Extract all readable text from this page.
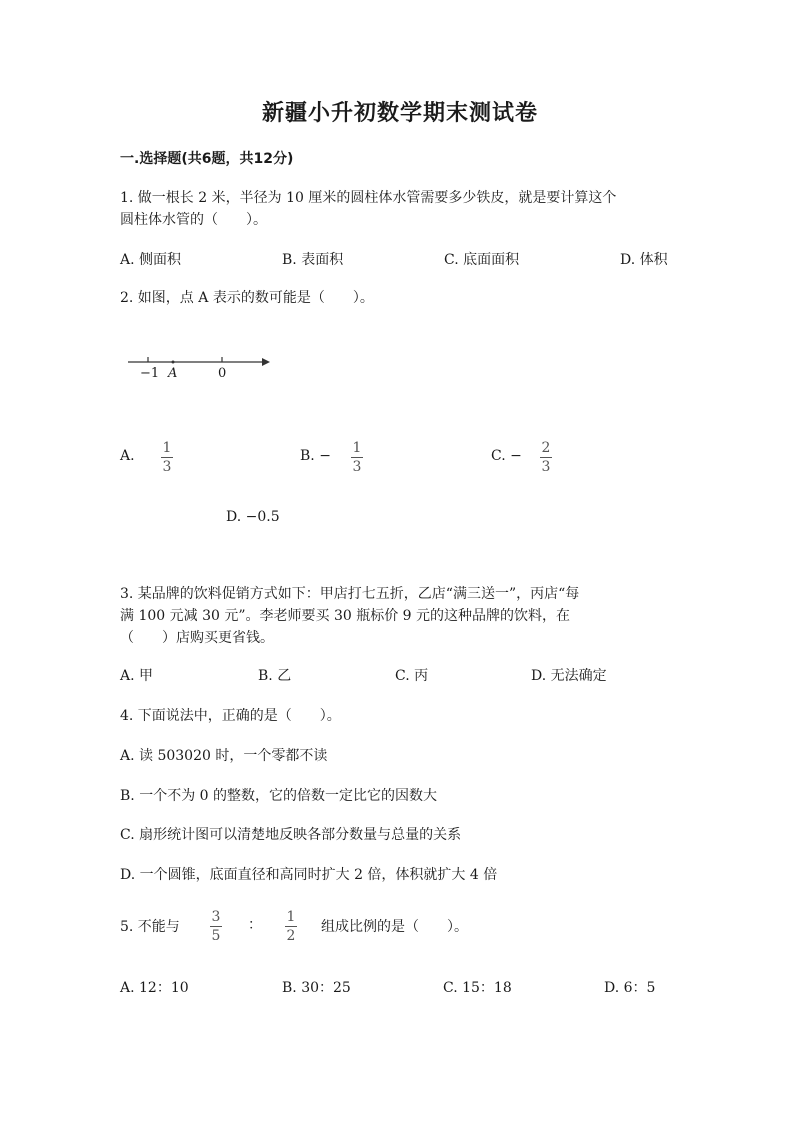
新疆小升初数学期末测试卷
一.选择题(共6题，共12分)
1. 做一根长 2 米，半径为 10 厘米的圆柱体水管需要多少铁皮，就是要计算这个
圆柱体水管的（　　）。
A. 侧面积	B. 表面积	C. 底面面积	D. 体积
2. 如图，点 A 表示的数可能是（　　）。
−1 A	0
A. 1
3
B. − 1
3
C. − 2
3
D. −0.5
3. 某品牌的饮料促销方式如下：甲店打七五折，乙店“满三送一”，丙店“每
满 100 元减 30 元”。李老师要买 30 瓶标价 9 元的这种品牌的饮料，在
（　　）店购买更省钱。
A. 甲	B. 乙	C. 丙	D. 无法确定
4. 下面说法中，正确的是（　　）。
A. 读 503020 时，一个零都不读
B. 一个不为 0 的整数，它的倍数一定比它的因数大
C. 扇形统计图可以清楚地反映各部分数量与总量的关系
D. 一个圆锥，底面直径和高同时扩大 2 倍，体积就扩大 4 倍
5. 不能与
3
5
： 1
2
组成比例的是（　　）。
A. 12：10	B. 30：25	C. 15：18	D. 6：5
